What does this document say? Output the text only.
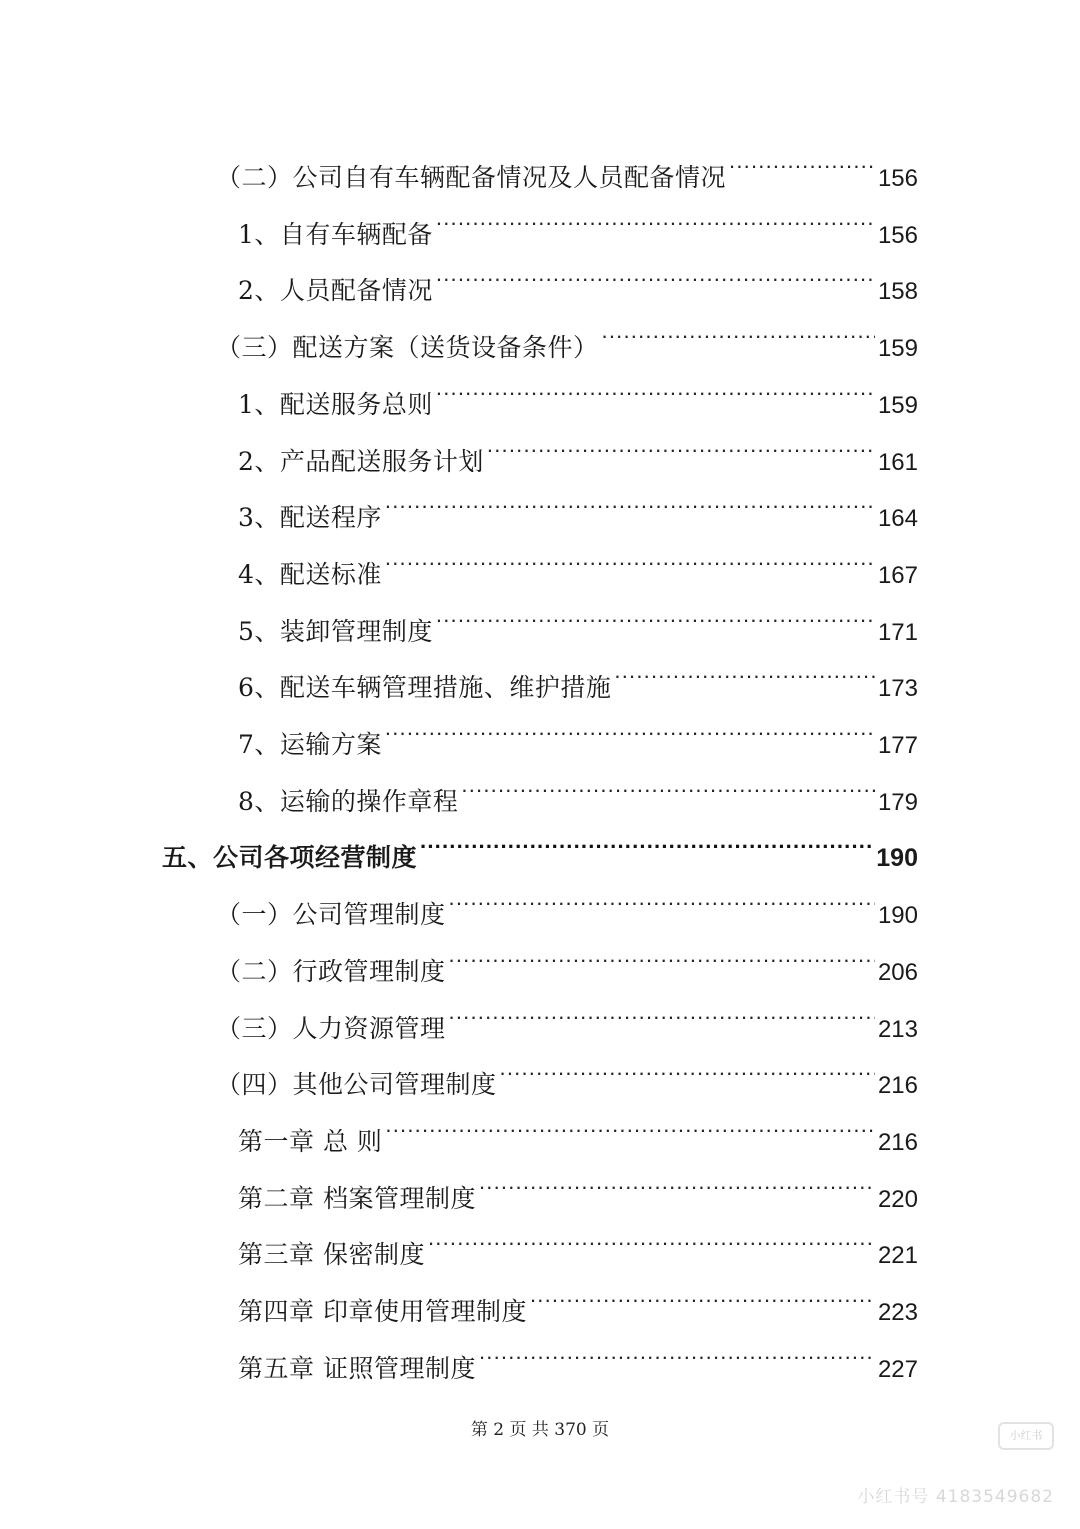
（二）公司自有车辆配备情况及人员配备情况 .....	156
1、自有车辆配备 .....	156
2、人员配备情况 .....	158
（三）配送方案（送货设备条件） .....	159
1、配送服务总则 .....	159
2、产品配送服务计划 .....	161
3、配送程序 .....	164
4、配送标准 .....	167
5、装卸管理制度 .....	171
6、配送车辆管理措施、维护措施 .....	173
7、运输方案 .....	177
8、运输的操作章程 .....	179
五、公司各项经营制度 .....	190
（一）公司管理制度 .....	190
（二）行政管理制度 .....	206
（三）人力资源管理 .....	213
（四）其他公司管理制度 .....	216
第一章 总 则 .....	216
第二章 档案管理制度 .....	220
第三章 保密制度 .....	221
第四章 印章使用管理制度 .....	223
第五章 证照管理制度 .....	227
第 2 页 共 370 页	小红书
小红书号 4183549682
